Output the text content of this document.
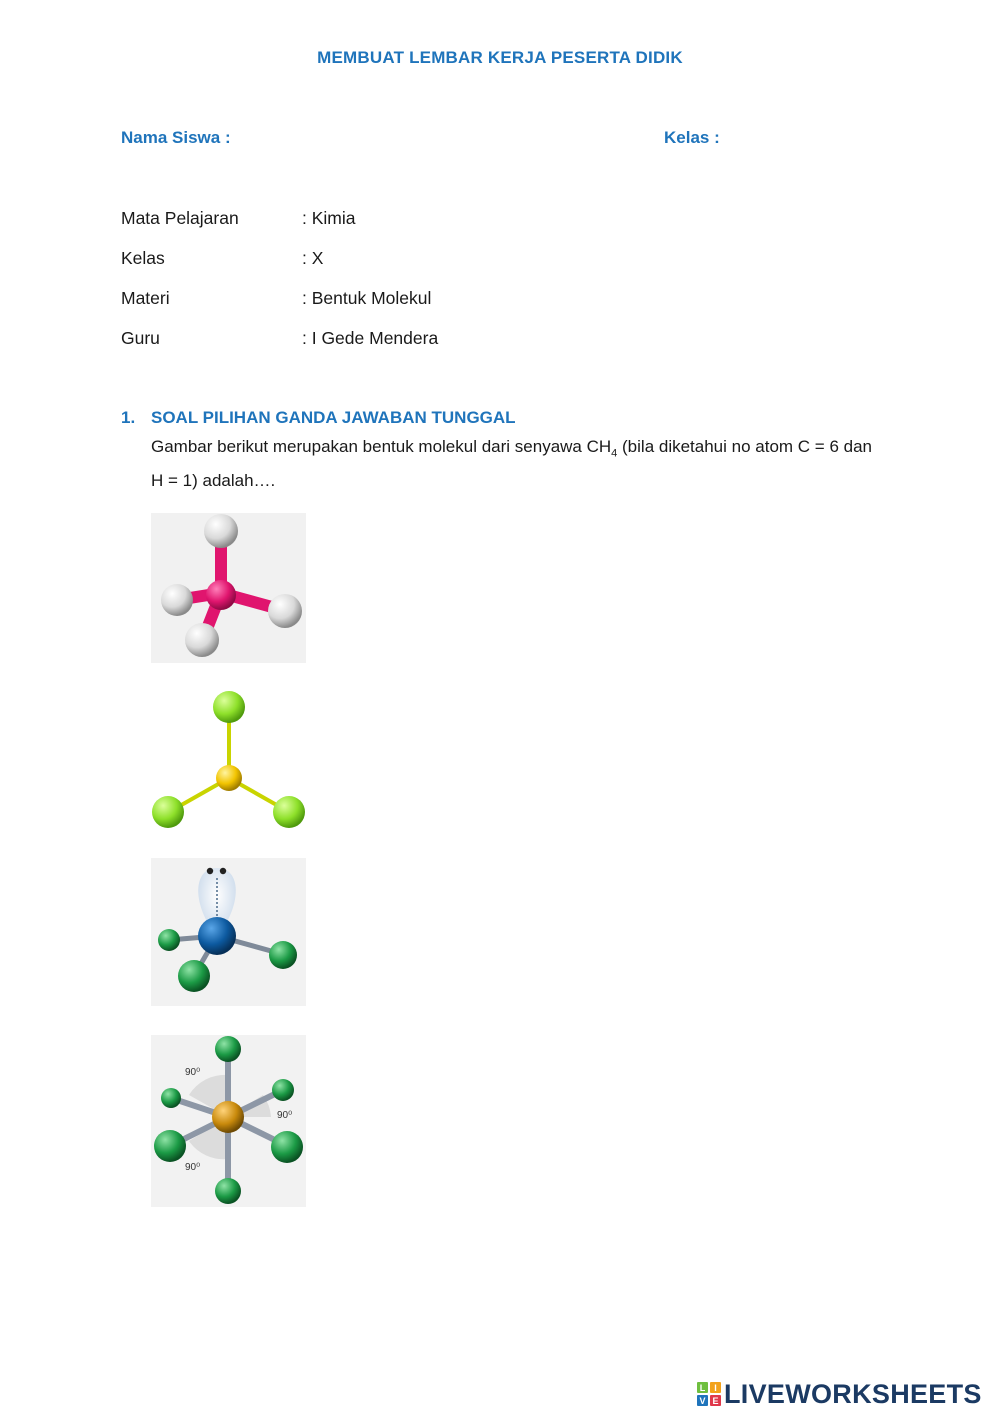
MEMBUAT LEMBAR KERJA PESERTA DIDIK
Nama Siswa :	Kelas :
Mata Pelajaran	: Kimia
Kelas	: X
Materi	: Bentuk Molekul
Guru	: I Gede Mendera
1. SOAL PILIHAN GANDA JAWABAN TUNGGAL
Gambar berikut merupakan bentuk molekul dari senyawa $CH_4$ (bila diketahui no atom C = 6 dan H = 1) adalah….
90⁰
90⁰
90⁰
L I
V E LIVEWORKSHEETS
